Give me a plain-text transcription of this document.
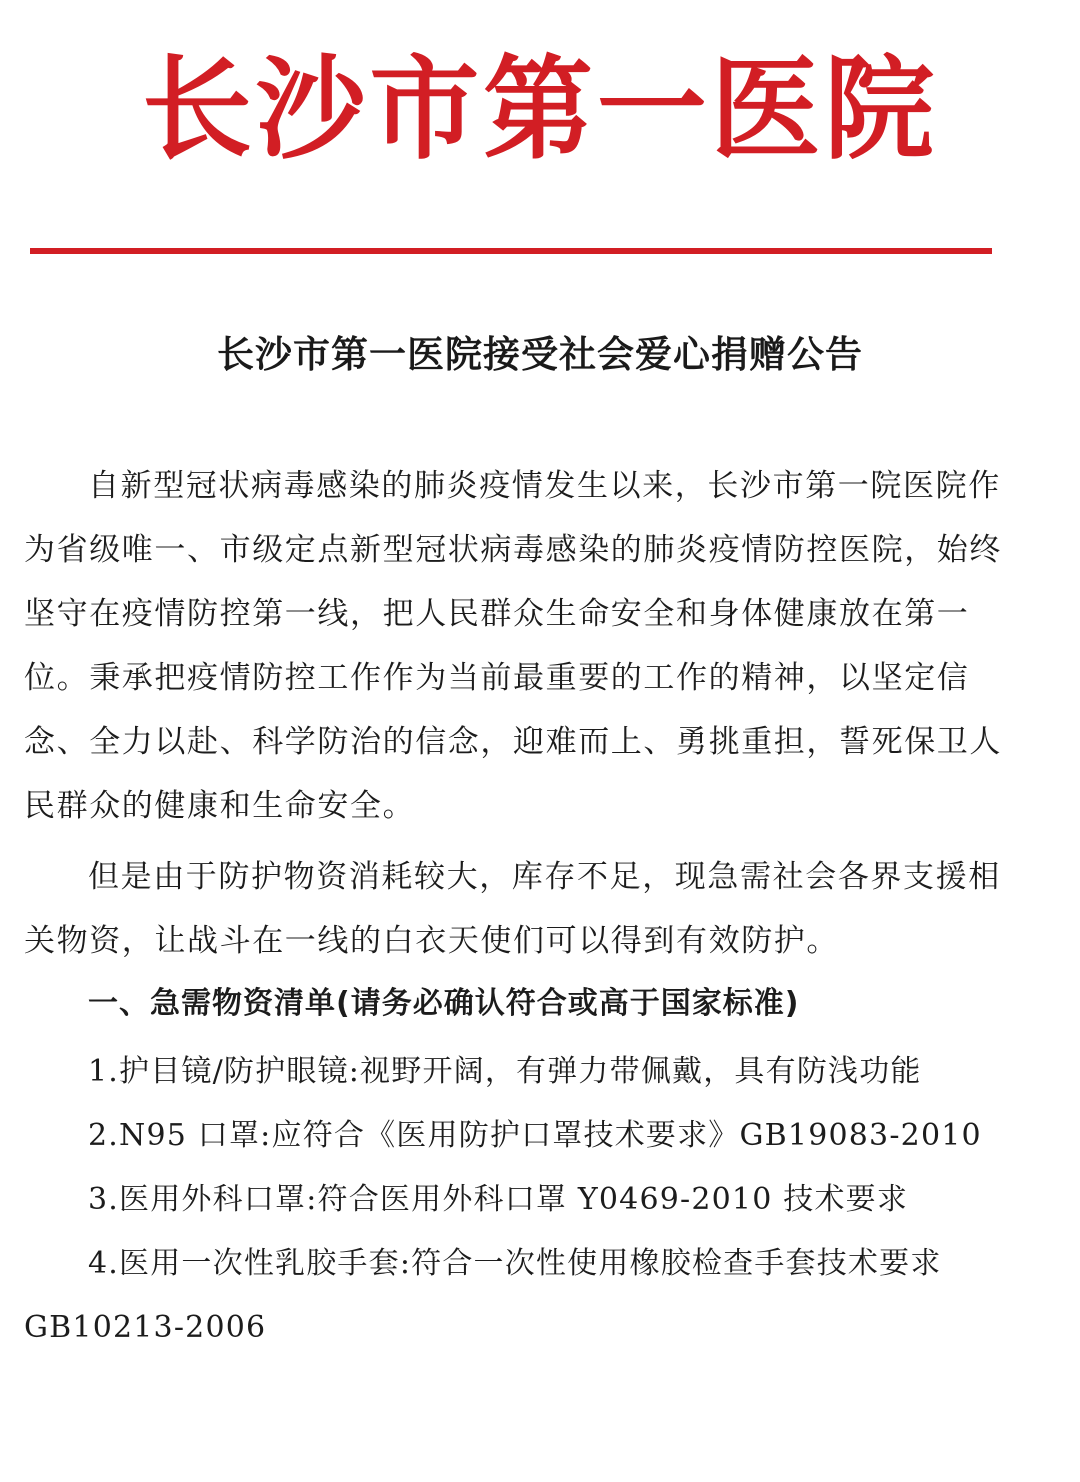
长沙市第一医院
长沙市第一医院接受社会爱心捐赠公告

自新型冠状病毒感染的肺炎疫情发生以来，长沙市第一院医院作为省级唯一、市级定点新型冠状病毒感染的肺炎疫情防控医院，始终坚守在疫情防控第一线，把人民群众生命安全和身体健康放在第一位。秉承把疫情防控工作作为当前最重要的工作的精神，以坚定信念、全力以赴、科学防治的信念，迎难而上、勇挑重担，誓死保卫人民群众的健康和生命安全。

但是由于防护物资消耗较大，库存不足，现急需社会各界支援相关物资，让战斗在一线的白衣天使们可以得到有效防护。

一、急需物资清单(请务必确认符合或高于国家标准)

1.护目镜/防护眼镜:视野开阔，有弹力带佩戴，具有防浅功能

2.N95 口罩:应符合《医用防护口罩技术要求》GB19083-2010

3.医用外科口罩:符合医用外科口罩 Y0469-2010 技术要求

4.医用一次性乳胶手套:符合一次性使用橡胶检查手套技术要求 GB10213-2006
